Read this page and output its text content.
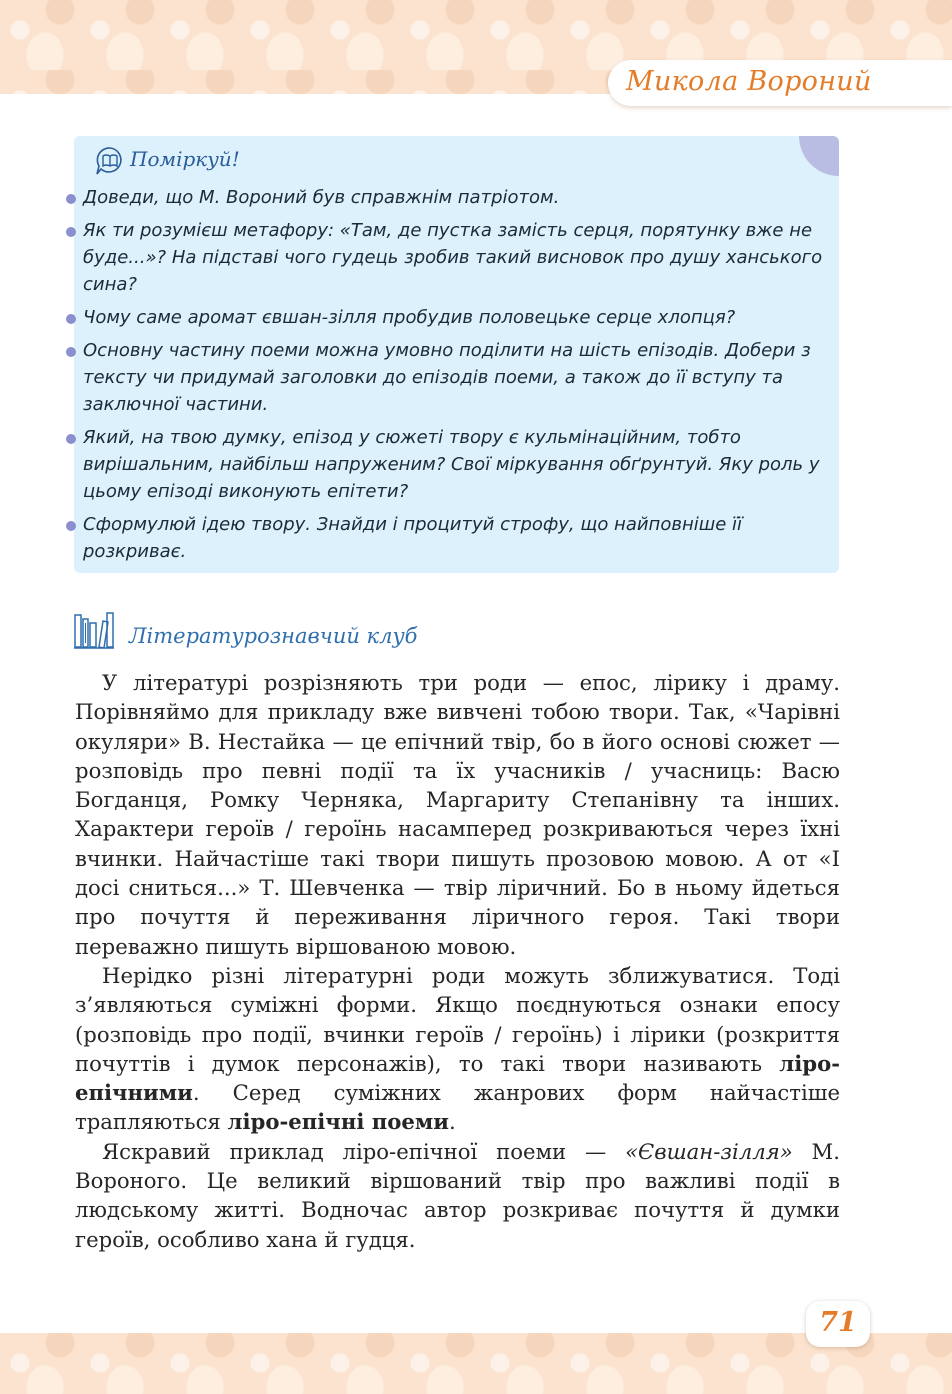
Микола Вороний
Поміркуй!
Доведи, що М. Вороний був справжнім патріотом.
Як ти розумієш метафору: «Там, де пустка замість серця, порятунку вже не буде...»? На підставі чого гудець зробив такий висновок про душу ханського сина?
Чому саме аромат євшан-зілля пробудив половецьке серце хлопця?
Основну частину поеми можна умовно поділити на шість епізодів. Добери з тексту чи придумай заголовки до епізодів поеми, а також до її вступу та заключної частини.
Який, на твою думку, епізод у сюжеті твору є кульмінаційним, тобто вирішальним, найбільш напруженим? Свої міркування обґрунтуй. Яку роль у цьому епізоді виконують епітети?
Сформулюй ідею твору. Знайди і процитуй строфу, що найповніше її розкриває.
Літературознавчий клуб

У літературі розрізняють три роди — епос, лірику і драму. Порівняймо для прикладу вже вивчені тобою твори. Так, «Чарівні окуляри» В. Нестайка — це епічний твір, бо в його основі сюжет — розповідь про певні події та їх учасників / учасниць: Васю Богданця, Ромку Черняка, Маргариту Степанівну та інших. Характери героїв / героїнь насамперед розкриваються через їхні вчинки. Найчастіше такі твори пишуть прозовою мовою. А от «І досі сниться...» Т. Шевченка — твір ліричний. Бо в ньому йдеться про почуття й переживання ліричного героя. Такі твори переважно пишуть віршованою мовою.

Нерідко різні літературні роди можуть зближуватися. Тоді з’являються суміжні форми. Якщо поєднуються ознаки епосу (розповідь про події, вчинки героїв / героїнь) і лірики (розкриття почуттів і думок персонажів), то такі твори називають ліро-епічними. Серед суміжних жанрових форм найчастіше трапляються ліро-епічні поеми.

Яскравий приклад ліро-епічної поеми — «Євшан-зілля» М. Вороного. Це великий віршований твір про важливі події в людському житті. Водночас автор розкриває почуття й думки героїв, особливо хана й гудця.

71
